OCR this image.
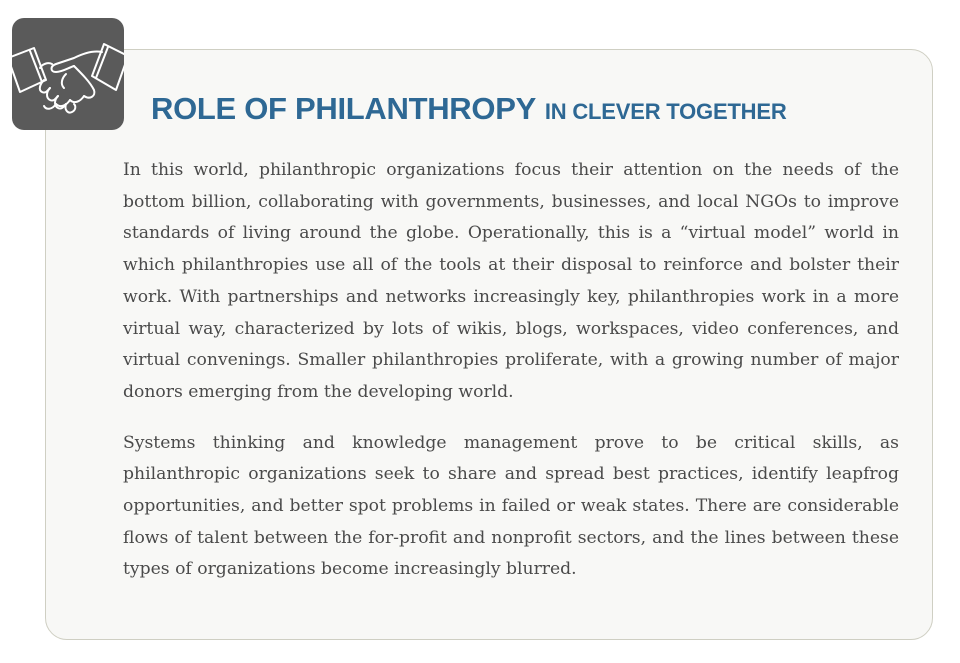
ROLE OF PHILANTHROPY IN CLEVER TOGETHER

In this world, philanthropic organizations focus their attention on the needs of the bottom billion, collaborating with governments, businesses, and local NGOs to improve standards of living around the globe. Operationally, this is a “virtual model” world in which philanthropies use all of the tools at their disposal to reinforce and bolster their work. With partnerships and networks increasingly key, philanthropies work in a more virtual way, characterized by lots of wikis, blogs, workspaces, video conferences, and virtual convenings. Smaller philanthropies proliferate, with a growing number of major donors emerging from the developing world.

Systems thinking and knowledge management prove to be critical skills, as philanthropic organizations seek to share and spread best practices, identify leapfrog opportunities, and better spot problems in failed or weak states. There are considerable flows of talent between the for-profit and nonprofit sectors, and the lines between these types of organizations become increasingly blurred.
